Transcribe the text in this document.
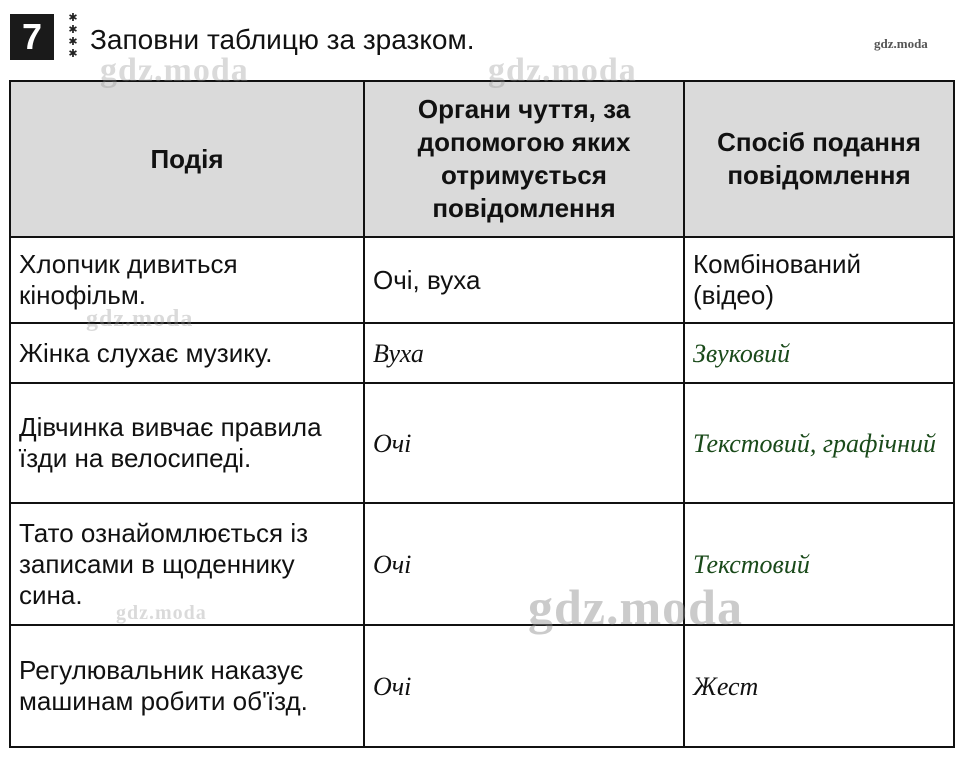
7	✱
✱
✱
✱ Заповни таблицю за зразком.	gdz.moda
gdz.moda	gdz.moda
gdz.moda
gdz.moda
gdz.moda
Подія	Органи чуття, за допомогою яких отримується повідомлення	Спосіб подання повідомлення
Хлопчик дивиться кінофільм.	Очі, вуха	Комбінований (відео)
Жінка слухає музику.	Вуха	Звуковий
Дівчинка вивчає правила їзди на велосипеді.	Очі	Текстовий, графічний
Тато ознайомлюється із записами в щоденнику сина.	Очі	Текстовий
Регулювальник наказує машинам робити об'їзд.	Очі	Жест
